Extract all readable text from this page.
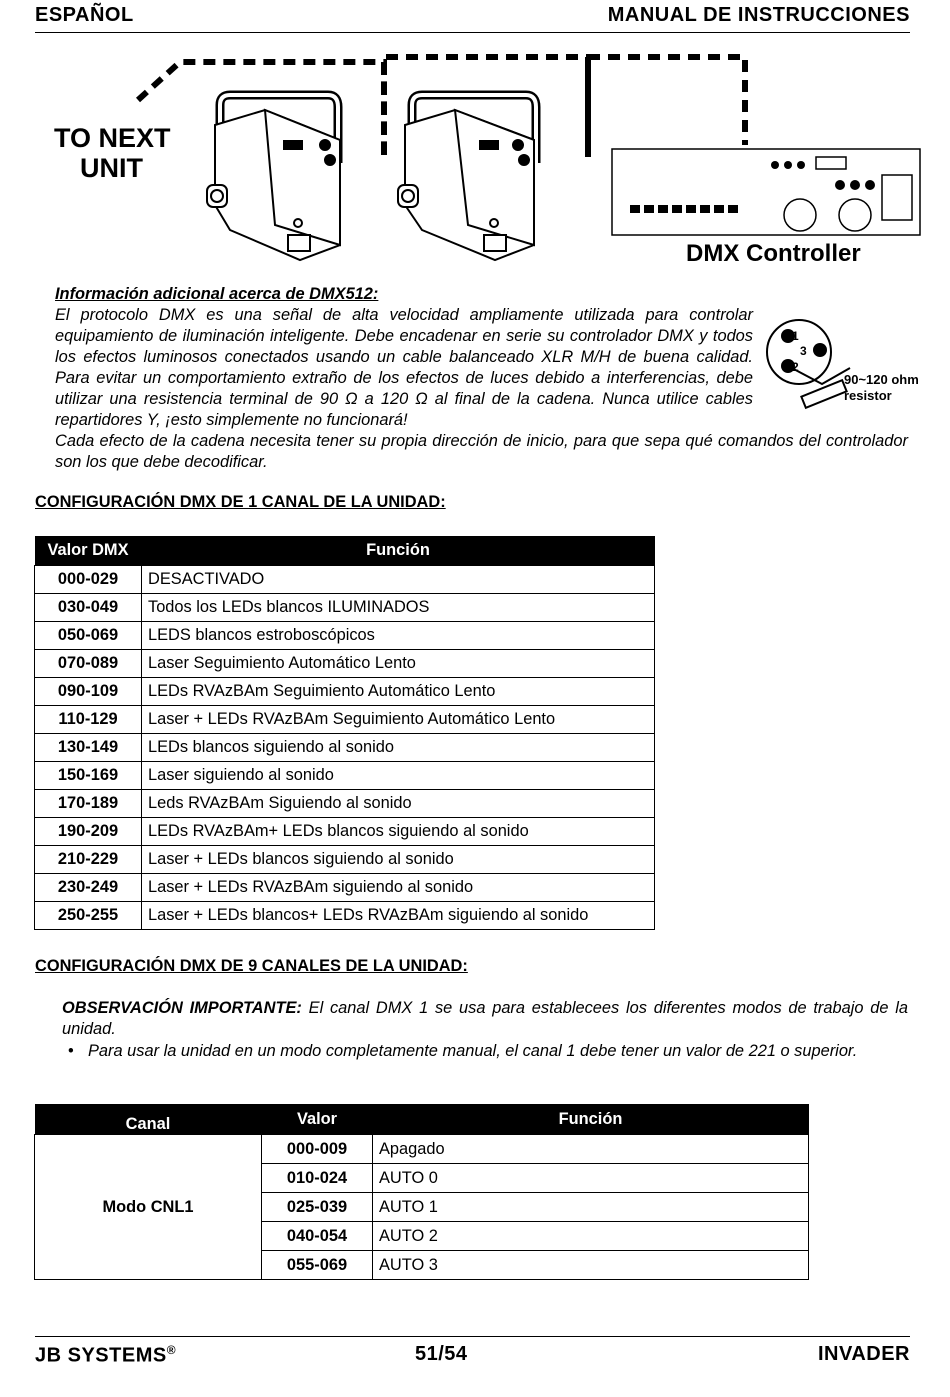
ESPAÑOL	MANUAL DE INSTRUCCIONES
TO NEXT
UNIT
DMX Controller
Información adicional acerca de DMX512:
El protocolo DMX es una señal de alta velocidad ampliamente utilizada para controlar equipamiento de iluminación inteligente. Debe encadenar en serie su controlador DMX y todos los efectos luminosos conectados usando un cable balanceado XLR M/H de buena calidad. Para evitar un comportamiento extraño de los efectos de luces debido a interferencias, debe utilizar una resistencia terminal de 90 Ω a 120 Ω al final de la cadena. Nunca utilice cables repartidores Y, ¡esto simplemente no funcionará!
Cada efecto de la cadena necesita tener su propia dirección de inicio, para que sepa qué comandos del controlador son los que debe decodificar.
1
3
2
90~120 ohm
resistor
CONFIGURACIÓN DMX DE 1 CANAL DE LA UNIDAD:
Valor DMX	Función
000-029	DESACTIVADO
030-049	Todos los LEDs blancos ILUMINADOS
050-069	LEDS blancos estroboscópicos
070-089	Laser Seguimiento Automático Lento
090-109	LEDs RVAzBAm Seguimiento Automático Lento
110-129	Laser + LEDs RVAzBAm Seguimiento Automático Lento
130-149	LEDs blancos siguiendo al sonido
150-169	Laser siguiendo al sonido
170-189	Leds RVAzBAm Siguiendo al sonido
190-209	LEDs RVAzBAm+ LEDs blancos siguiendo al sonido
210-229	Laser + LEDs blancos siguiendo al sonido
230-249	Laser + LEDs RVAzBAm siguiendo al sonido
250-255	Laser + LEDs blancos+ LEDs RVAzBAm siguiendo al sonido
CONFIGURACIÓN DMX DE 9 CANALES DE LA UNIDAD:
OBSERVACIÓN IMPORTANTE: El canal DMX 1 se usa para establecees los diferentes modos de trabajo de la unidad.
• Para usar la unidad en un modo completamente manual, el canal 1 debe tener un valor de 221 o superior.
Canal	Valor	Función
Modo CNL1	000-009	Apagado
	010-024	AUTO 0
	025-039	AUTO 1
	040-054	AUTO 2
	055-069	AUTO 3
JB SYSTEMS®	51/54	INVADER
